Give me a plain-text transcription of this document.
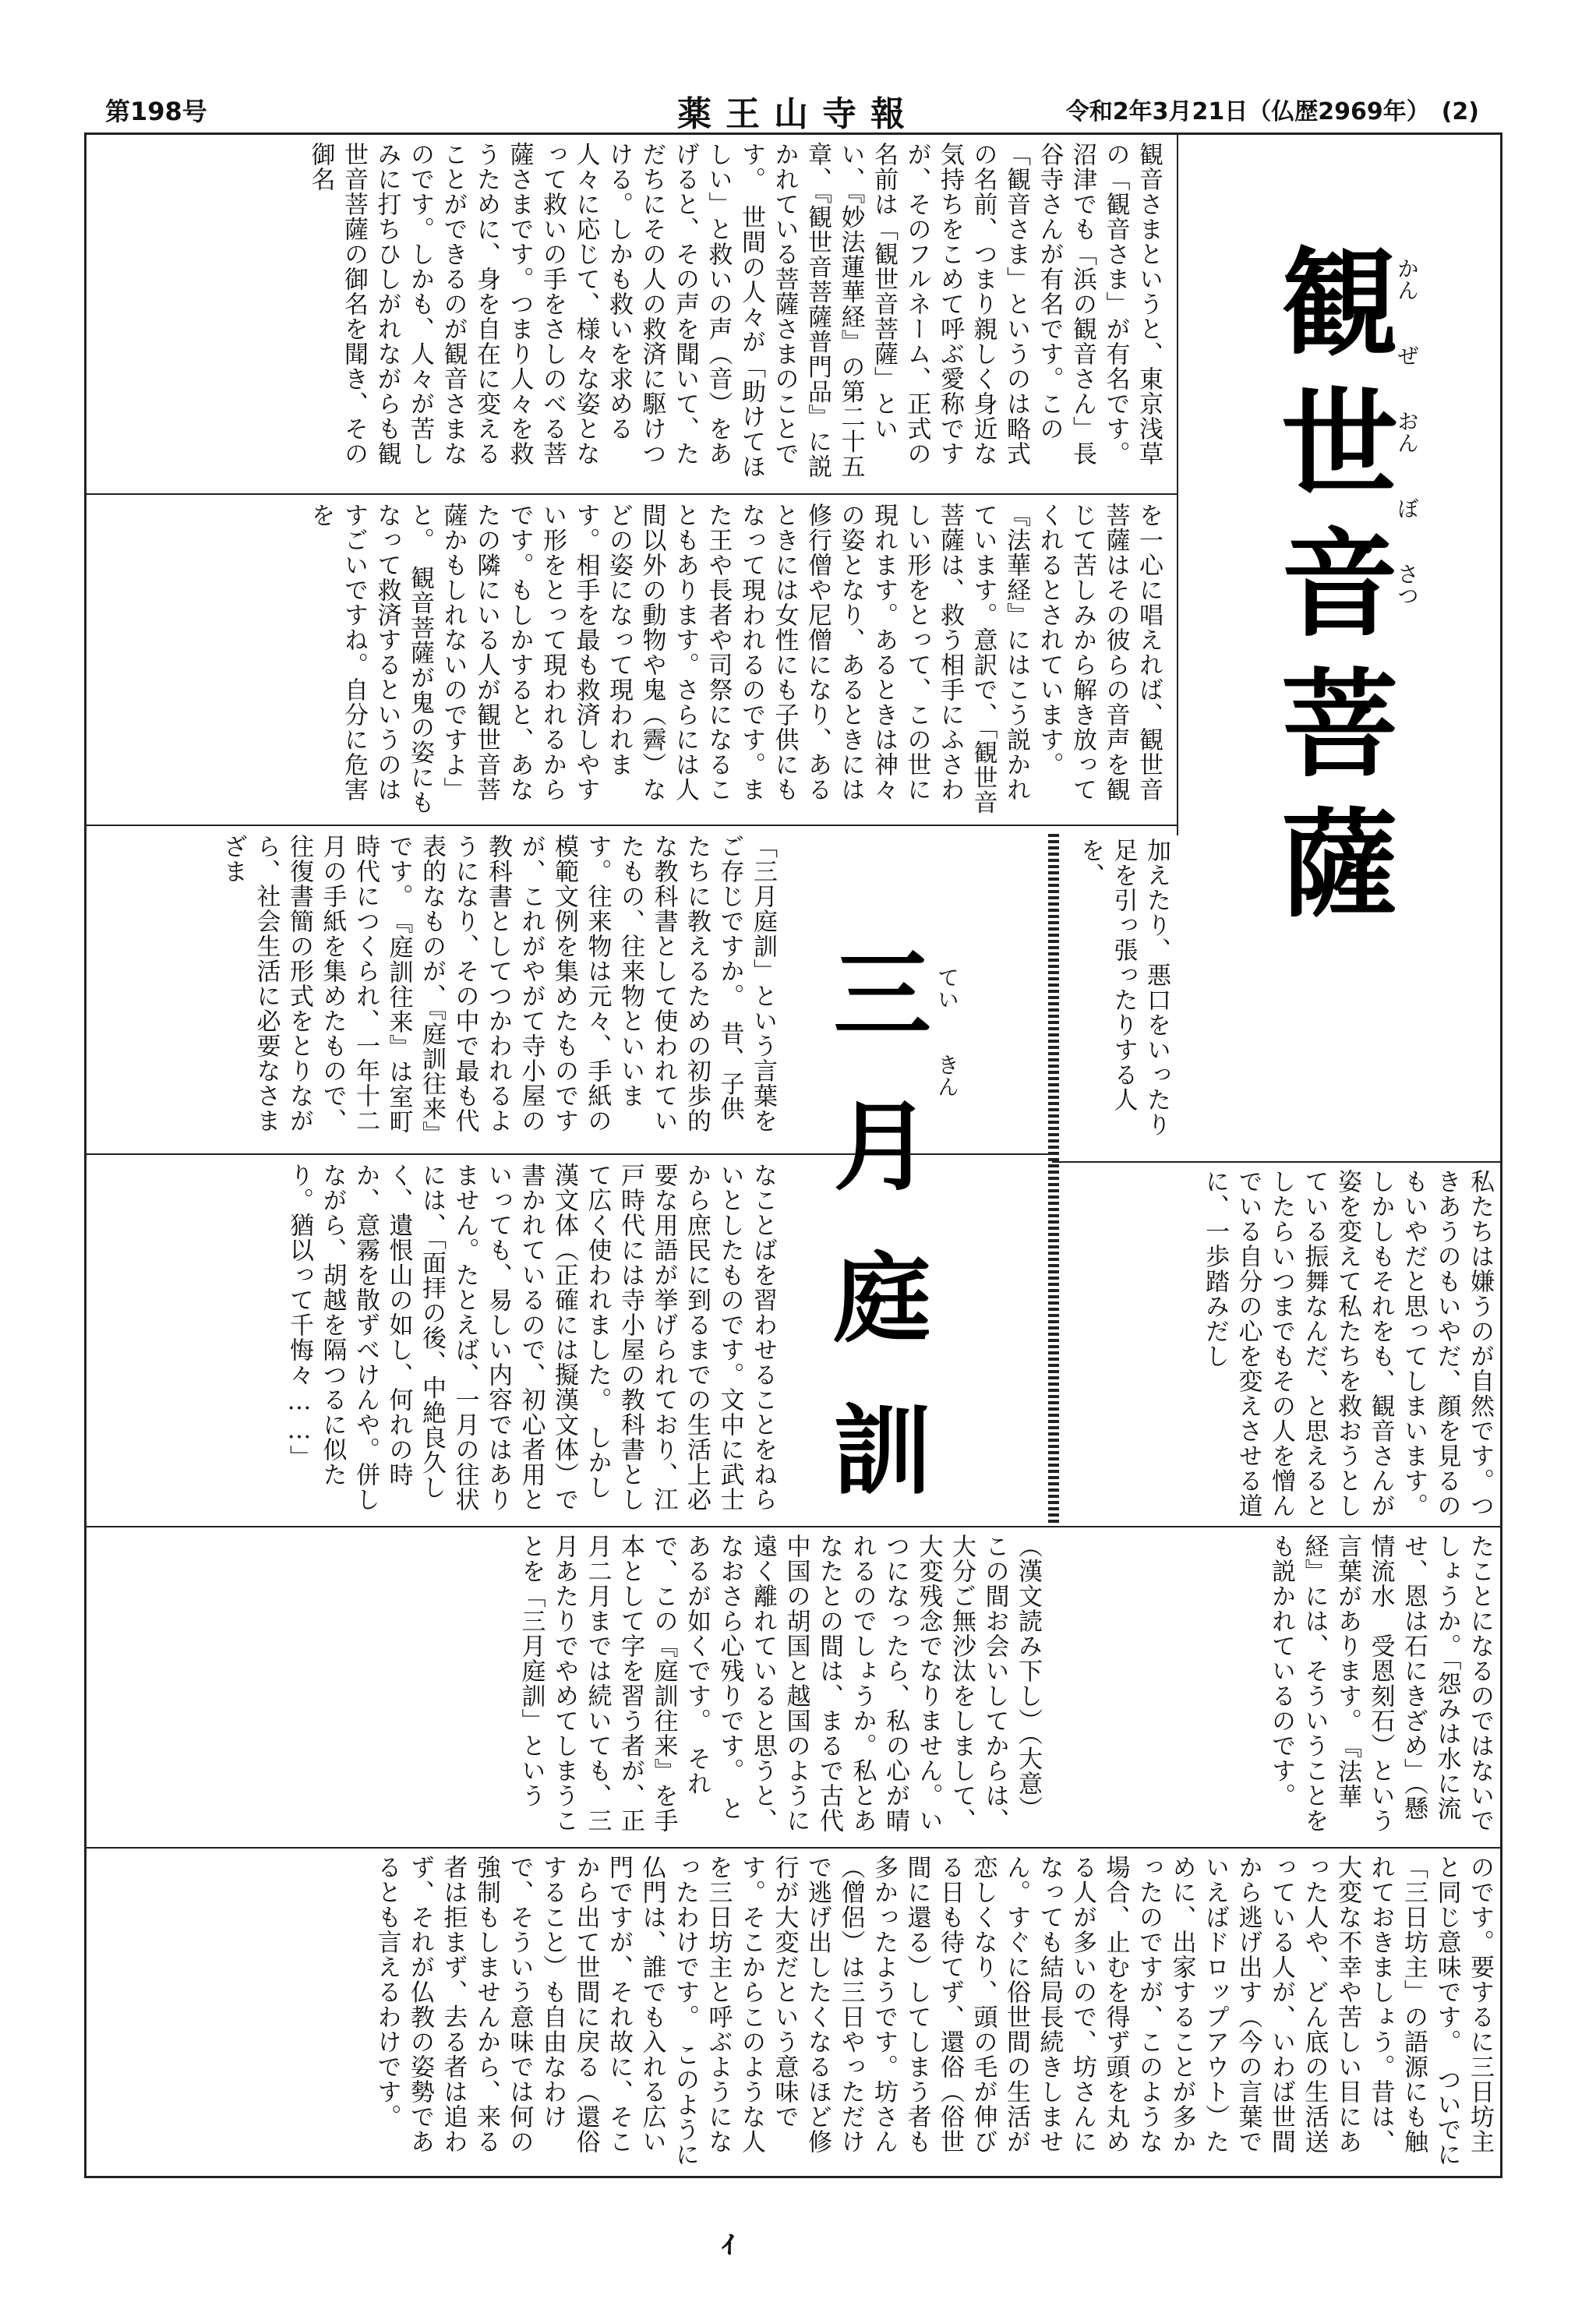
第198号	薬王山寺報	令和2年3月21日（仏歴2969年）　(2)
観世音菩薩
かん　　ぜ　　おん　　ぼ　　さつ
三月庭訓 てい　　きん
観音さまというと、東京浅草の「観音さま」が有名です。沼津でも「浜の観音さん」長谷寺さんが有名です。この「観音さま」というのは略式の名前、つまり親しく身近な気持ちをこめて呼ぶ愛称ですが、そのフルネーム、正式の名前は「観世音菩薩」といい、『妙法蓮華経』の第二十五章、『観世音菩薩普門品』に説かれている菩薩さまのことです。　世間の人々が「助けてほしい」と救いの声（音）をあげると、その声を聞いて、ただちにその人の救済に駆けつける。しかも救いを求める人々に応じて、様々な姿となって救いの手をさしのべる菩薩さまです。つまり人々を救うために、身を自在に変えることができるのが観音さまなのです。しかも、人々が苦しみに打ちひしがれながらも観世音菩薩の御名を聞き、その御名
を一心に唱えれば、観世音菩薩はその彼らの音声を観じて苦しみから解き放ってくれるとされています。　『法華経』にはこう説かれています。意訳で、「観世音菩薩は、救う相手にふさわしい形をとって、この世に現れます。あるときは神々の姿となり、あるときには修行僧や尼僧になり、あるときには女性にも子供にもなって現われるのです。また王や長者や司祭になることもあります。さらには人間以外の動物や鬼（霽）などの姿になって現われます。相手を最も救済しやすい形をとって現われるからです。もしかすると、あなたの隣にいる人が観世音菩薩かもしれないのですよ」と。　観音菩薩が鬼の姿にもなって救済するというのはすごいですね。自分に危害を
加えたり、悪口をいったり足を引っ張ったりする人を、
私たちは嫌うのが自然です。つきあうのもいやだ、顔を見るのもいやだと思ってしまいます。しかしもそれをも、観音さんが姿を変えて私たちを救おうとしている振舞なんだ、と思えるとしたらいつまでもその人を憎んでいる自分の心を変えさせる道に、一歩踏みだし
たことになるのではないでしょうか。「怨みは水に流せ、恩は石にきざめ」（懸情流水　受恩刻石）という言葉があります。　『法華経』には、そういうことをも説かれているのです。
「三月庭訓」という言葉をご存じですか。　昔、子供たちに教えるための初歩的な教科書として使われていたもの、往来物といいます。往来物は元々、手紙の模範文例を集めたものですが、これがやがて寺小屋の教科書としてつかわれるようになり、その中で最も代表的なものが、『庭訓往来』です。　『庭訓往来』は室町時代につくられ、一年十二月の手紙を集めたもので、往復書簡の形式をとりながら、社会生活に必要なさまざま
なことばを習わせることをねらいとしたものです。文中に武士から庶民に到るまでの生活上必要な用語が挙げられており、江戸時代には寺小屋の教科書として広く使われました。　しかし漢文体（正確には擬漢文体）で書かれているので、初心者用といっても、易しい内容ではありません。たとえば、一月の往状には、「面拝の後、中絶良久しく、遺恨山の如し、何れの時か、意霧を散ずべけんや。併しながら、胡越を隔つるに似たり。猶以って千悔々……」
（漢文読み下し）（大意）この間お会いしてからは、大分ご無沙汰をしまして、大変残念でなりません。いつになったら、私の心が晴れるのでしょうか。私とあなたとの間は、まるで古代中国の胡国と越国のように遠く離れていると思うと、なおさら心残りです。　とあるが如くです。　それで、この『庭訓往来』を手本として字を習う者が、正月二月までは続いても、三月あたりでやめてしまうことを「三月庭訓」という
のです。要するに三日坊主と同じ意味です。　ついでに「三日坊主」の語源にも触れておきましょう。昔は、大変な不幸や苦しい目にあった人や、どん底の生活送っている人が、いわば世間から逃げ出す（今の言葉でいえばドロップアウト）ために、出家することが多かったのですが、このような場合、止むを得ず頭を丸める人が多いので、坊さんになっても結局長続きしません。すぐに俗世間の生活が恋しくなり、頭の毛が伸びる日も待てず、還俗（俗世間に還る）してしまう者も多かったようです。坊さん（僧侶）は三日やっただけで逃げ出したくなるほど修行が大変だという意味です。そこからこのような人を三日坊主と呼ぶようになったわけです。　このように仏門は、誰でも入れる広い門ですが、それ故に、そこから出て世間に戻る（還俗すること）も自由なわけで、そういう意味では何の強制もしませんから、来る者は拒まず、去る者は追わず、それが仏教の姿勢であるとも言えるわけです。
ｨ
